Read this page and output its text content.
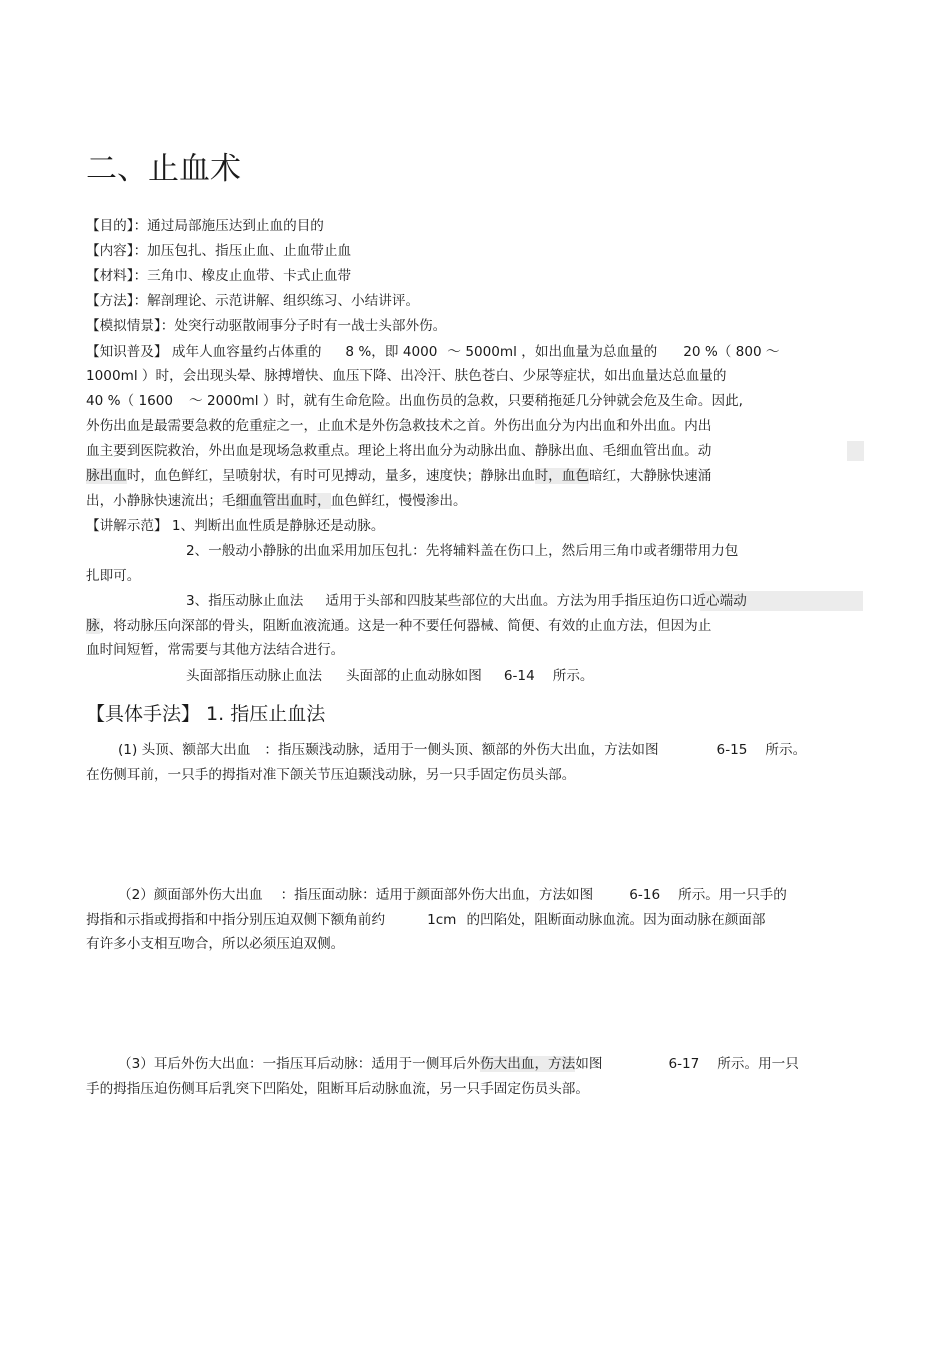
二、止血术
【目的】：通过局部施压达到止血的目的
【内容】：加压包扎、指压止血、止血带止血
【材料】：三角巾、橡皮止血带、卡式止血带
【方法】：解剖理论、示范讲解、组织练习、小结讲评。
【模拟情景】：处突行动驱散闹事分子时有一战士头部外伤。
【知识普及】 成年人血容量约占体重的 8 %，即 4000 ～ 5000ml ，如出血量为总血量的 20 %（ 800 ～
1000ml ）时，会出现头晕、脉搏增快、血压下降、出冷汗、肤色苍白、少尿等症状，如出血量达总血量的
40 %（ 1600 ～ 2000ml ）时，就有生命危险。出血伤员的急救，只要稍拖延几分钟就会危及生命。因此,
外伤出血是最需要急救的危重症之一，止血术是外伤急救技术之首。外伤出血分为内出血和外出血。内出
血主要到医院救治，外出血是现场急救重点。理论上将出血分为动脉出血、静脉出血、毛细血管出血。动
脉出血时，血色鲜红，呈喷射状，有时可见搏动，量多，速度快；静脉出血时，血色暗红，大静脉快速涌
出，小静脉快速流出；毛细血管出血时，血色鲜红，慢慢渗出。
【讲解示范】 1、判断出血性质是静脉还是动脉。
2、一般动小静脉的出血采用加压包扎：先将辅料盖在伤口上，然后用三角巾或者绷带用力包
扎即可。
3、指压动脉止血法 适用于头部和四肢某些部位的大出血。方法为用手指压迫伤口近心端动
脉，将动脉压向深部的骨头，阻断血液流通。这是一种不要任何器械、简便、有效的止血方法，但因为止
血时间短暂，常需要与其他方法结合进行。
头面部指压动脉止血法 头面部的止血动脉如图 6-14 所示。
【具体手法】 1. 指压止血法
(1) 头顶、额部大出血 ：指压颞浅动脉，适用于一侧头顶、额部的外伤大出血，方法如图	6-15 所示。
在伤侧耳前，一只手的拇指对准下颌关节压迫颞浅动脉，另一只手固定伤员头部。
（2）颜面部外伤大出血 ：指压面动脉：适用于颜面部外伤大出血，方法如图	6-16 所示。用一只手的
拇指和示指或拇指和中指分别压迫双侧下额角前约	1cm 的凹陷处，阻断面动脉血流。因为面动脉在颜面部
有许多小支相互吻合，所以必须压迫双侧。
（3）耳后外伤大出血：一指压耳后动脉：适用于一侧耳后外伤大出血，方法如图	6-17 所示。用一只
手的拇指压迫伤侧耳后乳突下凹陷处，阻断耳后动脉血流，另一只手固定伤员头部。
